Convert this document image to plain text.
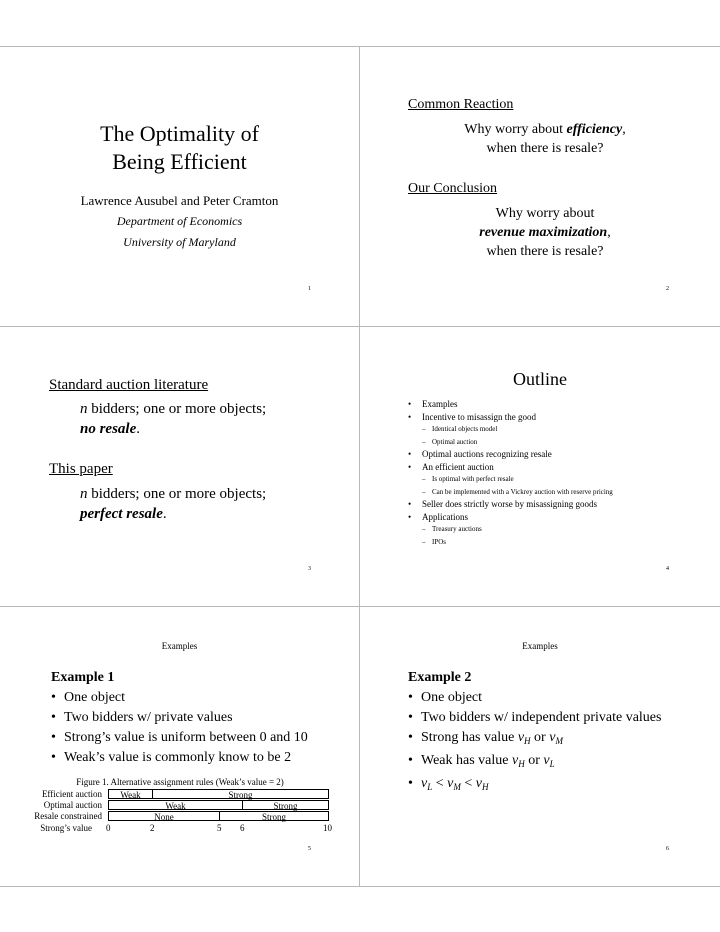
The Optimality of
Being Efficient
Lawrence Ausubel and Peter Cramton
Department of Economics
University of Maryland
1
Common Reaction
Why worry about efficiency,
when there is resale?
Our Conclusion
Why worry about
revenue maximization,
when there is resale?
2
Standard auction literature
n bidders; one or more objects;
no resale.
This paper
n bidders; one or more objects;
perfect resale.
3
Outline
• Examples
• Incentive to misassign the good
– Identical objects model
– Optimal auction
• Optimal auctions recognizing resale
• An efficient auction
– Is optimal with perfect resale
– Can be implemented with a Vickrey auction with reserve pricing
• Seller does strictly worse by misassigning goods
• Applications
– Treasury auctions
– IPOs
4
Examples
Example 1
• One object
• Two bidders w/ private values
• Strong’s value is uniform between 0 and 10
• Weak’s value is commonly know to be 2
Figure 1. Alternative assignment rules (Weak’s value = 2)
Efficient auction	Weak	Strong
Optimal auction	Weak	Strong
Resale constrained	None	Strong
Strong’s value 0	2	5 6	10
5
Examples
Example 2
• One object
• Two bidders w/ independent private values
• Strong has value $v_H$ or $v_M$
• Weak has value $v_H$ or $v_L$
• $v_L < v_M < v_H$
6
